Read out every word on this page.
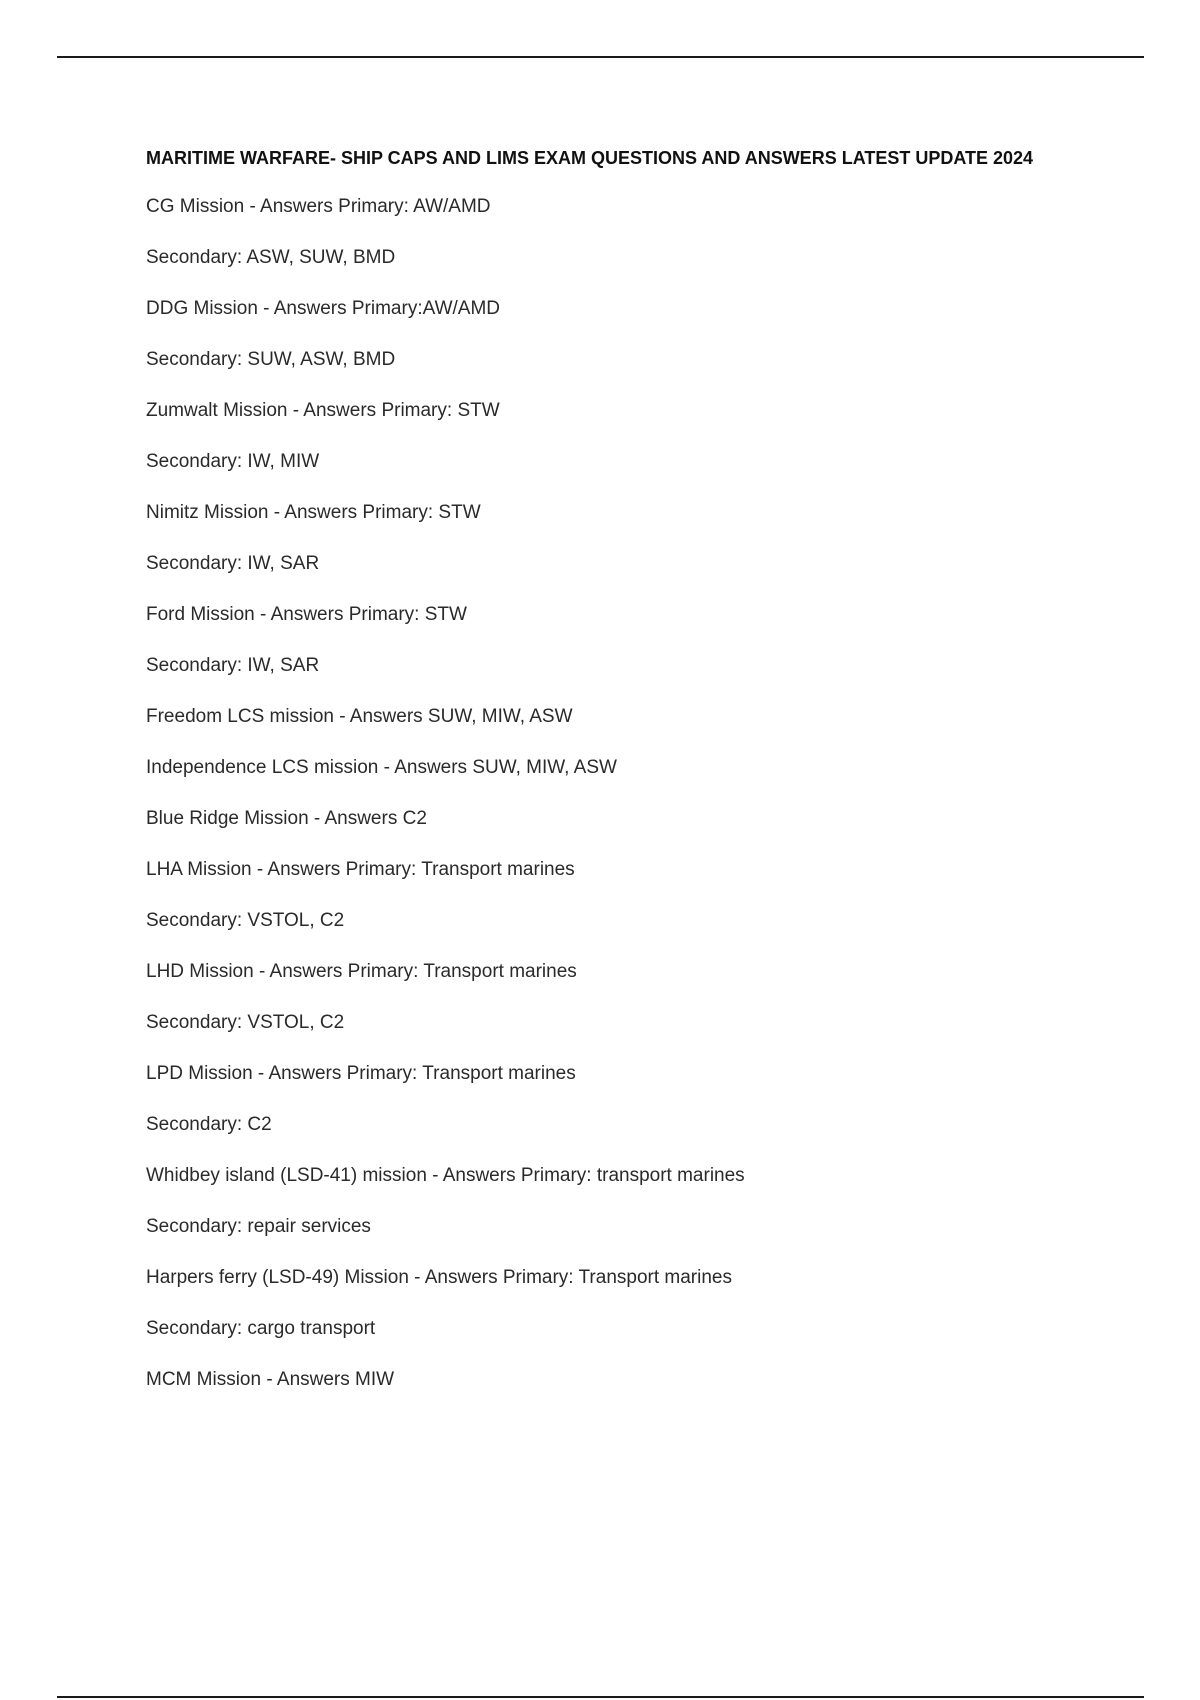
MARITIME WARFARE- SHIP CAPS AND LIMS EXAM QUESTIONS AND ANSWERS LATEST UPDATE 2024
CG Mission - Answers Primary: AW/AMD
Secondary: ASW, SUW, BMD
DDG Mission - Answers Primary:AW/AMD
Secondary: SUW, ASW, BMD
Zumwalt Mission - Answers Primary: STW
Secondary: IW, MIW
Nimitz Mission - Answers Primary: STW
Secondary: IW, SAR
Ford Mission - Answers Primary: STW
Secondary: IW, SAR
Freedom LCS mission - Answers SUW, MIW, ASW
Independence LCS mission - Answers SUW, MIW, ASW
Blue Ridge Mission - Answers C2
LHA Mission - Answers Primary: Transport marines
Secondary: VSTOL, C2
LHD Mission - Answers Primary: Transport marines
Secondary: VSTOL, C2
LPD Mission - Answers Primary: Transport marines
Secondary: C2
Whidbey island (LSD-41) mission - Answers Primary: transport marines
Secondary: repair services
Harpers ferry (LSD-49) Mission - Answers Primary: Transport marines
Secondary: cargo transport
MCM Mission - Answers MIW
